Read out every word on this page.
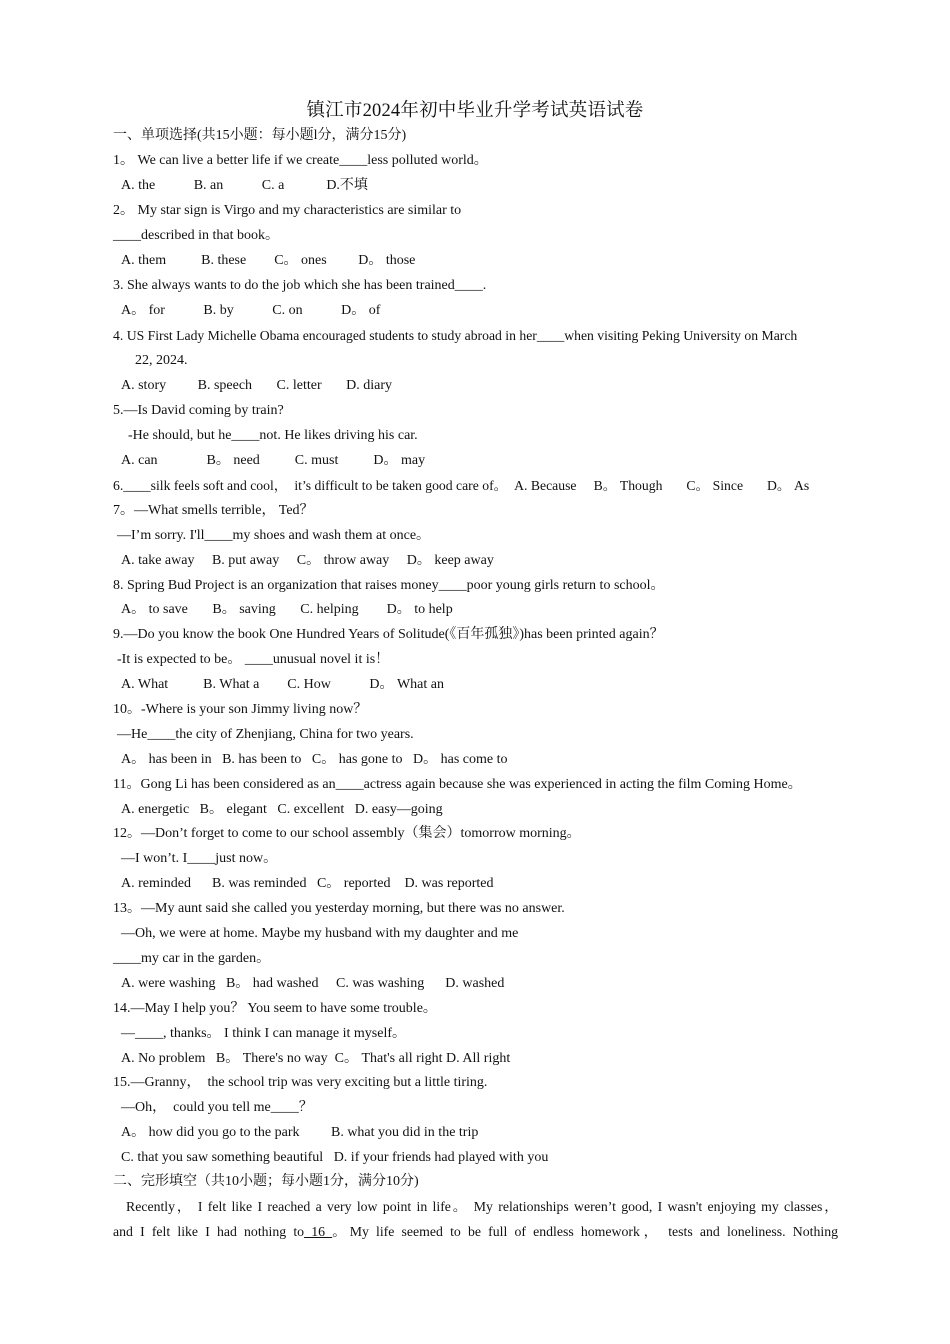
镇江市2024年初中毕业升学考试英语试卷
一、单项选择(共15小题：每小题l分，满分15分)
1。 We can live a better life if we create____less polluted world。
A. the           B. an           C. a            D.不填
2。 My star sign is Virgo and my characteristics are similar to
____described in that book。
A. them          B. these        C。 ones         D。 those
3. She always wants to do the job which she has been trained____.
A。 for           B. by           C. on           D。 of
4. US First Lady Michelle Obama encouraged students to study abroad in her____when visiting Peking University on March
22, 2024.
A. story         B. speech       C. letter       D. diary
5.—Is David coming by train?
-He should, but he____not. He likes driving his car.
A. can              B。 need          C. must          D。 may
6.____silk feels soft and cool，  it’s difficult to be taken good care of。  A. Because     B。 Though       C。 Since       D。 As
7。—What smells terrible， Ted？
—I’m sorry. I'll____my shoes and wash them at once。
A. take away     B. put away     C。 throw away     D。 keep away
8. Spring Bud Project is an organization that raises money____poor young girls return to school。
A。 to save       B。 saving       C. helping        D。 to help
9.—Do you know the book One Hundred Years of Solitude(《百年孤独》)has been printed again？
-It is expected to be。 ____unusual novel it is！
A. What          B. What a        C. How           D。 What an
10。-Where is your son Jimmy living now？
—He____the city of Zhenjiang, China for two years.
A。 has been in   B. has been to   C。 has gone to   D。 has come to
11。Gong Li has been considered as an____actress again because she was experienced in acting the film Coming Home。
A. energetic   B。 elegant   C. excellent   D. easy—going
12。—Don’t forget to come to our school assembly（集会）tomorrow morning。
—I won’t. I____just now。
A. reminded      B. was reminded   C。 reported    D. was reported
13。—My aunt said she called you yesterday morning, but there was no answer.
—Oh, we were at home. Maybe my husband with my daughter and me
____my car in the garden。
A. were washing   B。 had washed     C. was washing      D. washed
14.—May I help you？ You seem to have some trouble。
—____, thanks。 I think I can manage it myself。
A. No problem   B。 There's no way  C。 That's all right D. All right
15.—Granny，  the school trip was very exciting but a little tiring.
—Oh，  could you tell me____？
A。 how did you go to the park         B. what you did in the trip
C. that you saw something beautiful   D. if your friends had played with you
二、完形填空（共10小题；每小题1分，满分10分)
Recently， I felt like I reached a very low point in life。 My relationships weren’t good, I wasn't enjoying my classes，
and I felt like I had nothing to 16 。My life seemed to be full of endless homework， tests and loneliness. Nothing
